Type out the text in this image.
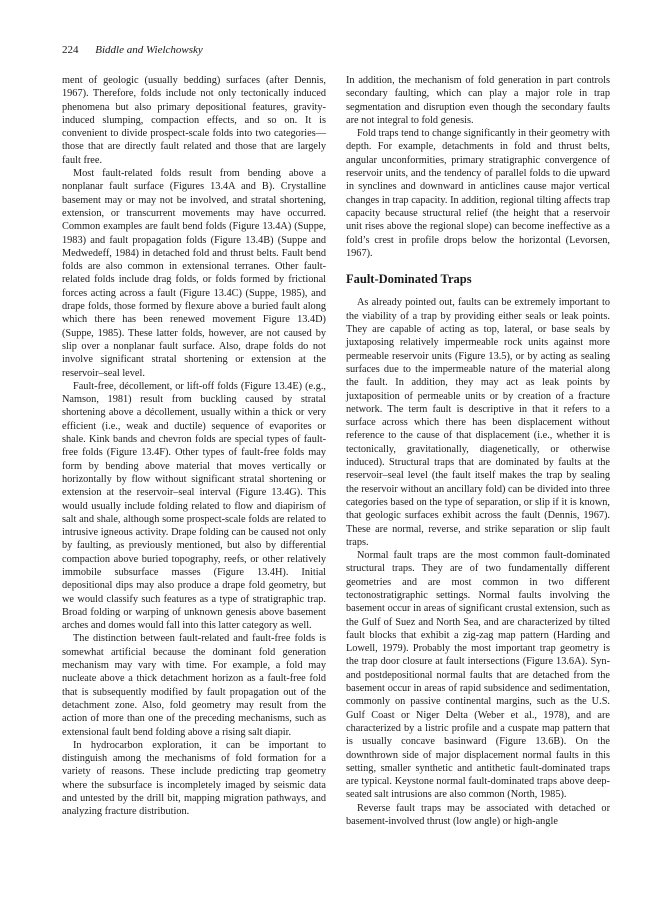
224 Biddle and Wielchowsky

ment of geologic (usually bedding) surfaces (after Dennis, 1967). Therefore, folds include not only tectonically induced phenomena but also primary depositional features, gravity-induced slumping, compaction effects, and so on. It is convenient to divide prospect-scale folds into two categories—those that are directly fault related and those that are largely fault free.

Most fault-related folds result from bending above a nonplanar fault surface (Figures 13.4A and B). Crystalline basement may or may not be involved, and stratal shortening, extension, or transcurrent movements may have occurred. Common examples are fault bend folds (Figure 13.4A) (Suppe, 1983) and fault propagation folds (Figure 13.4B) (Suppe and Medwedeff, 1984) in detached fold and thrust belts. Fault bend folds are also common in extensional terranes. Other fault-related folds include drag folds, or folds formed by frictional forces acting across a fault (Figure 13.4C) (Suppe, 1985), and drape folds, those formed by flexure above a buried fault along which there has been renewed movement Figure 13.4D) (Suppe, 1985). These latter folds, however, are not caused by slip over a nonplanar fault surface. Also, drape folds do not involve significant stratal shortening or extension at the reservoir–seal level.

Fault-free, décollement, or lift-off folds (Figure 13.4E) (e.g., Namson, 1981) result from buckling caused by stratal shortening above a décollement, usually within a thick or very efficient (i.e., weak and ductile) sequence of evaporites or shale. Kink bands and chevron folds are special types of fault-free folds (Figure 13.4F). Other types of fault-free folds may form by bending above material that moves vertically or horizontally by flow without significant stratal shortening or extension at the reservoir–seal interval (Figure 13.4G). This would usually include folding related to flow and diapirism of salt and shale, although some prospect-scale folds are related to intrusive igneous activity. Drape folding can be caused not only by faulting, as previously mentioned, but also by differential compaction above buried topography, reefs, or other relatively immobile subsurface masses (Figure 13.4H). Initial depositional dips may also produce a drape fold geometry, but we would classify such features as a type of stratigraphic trap. Broad folding or warping of unknown genesis above basement arches and domes would fall into this latter category as well.

The distinction between fault-related and fault-free folds is somewhat artificial because the dominant fold generation mechanism may vary with time. For example, a fold may nucleate above a thick detachment horizon as a fault-free fold that is subsequently modified by fault propagation out of the detachment zone. Also, fold geometry may result from the action of more than one of the preceding mechanisms, such as extensional fault bend folding above a rising salt diapir.

In hydrocarbon exploration, it can be important to distinguish among the mechanisms of fold formation for a variety of reasons. These include predicting trap geometry where the subsurface is incompletely imaged by seismic data and untested by the drill bit, mapping migration pathways, and analyzing fracture distribution.

In addition, the mechanism of fold generation in part controls secondary faulting, which can play a major role in trap segmentation and disruption even though the secondary faults are not integral to fold genesis.

Fold traps tend to change significantly in their geometry with depth. For example, detachments in fold and thrust belts, angular unconformities, primary stratigraphic convergence of reservoir units, and the tendency of parallel folds to die upward in synclines and downward in anticlines cause major vertical changes in trap capacity. In addition, regional tilting affects trap capacity because structural relief (the height that a reservoir unit rises above the regional slope) can become ineffective as a fold’s crest in profile drops below the horizontal (Levorsen, 1967).

Fault-Dominated Traps

As already pointed out, faults can be extremely important to the viability of a trap by providing either seals or leak points. They are capable of acting as top, lateral, or base seals by juxtaposing relatively impermeable rock units against more permeable reservoir units (Figure 13.5), or by acting as sealing surfaces due to the impermeable nature of the material along the fault. In addition, they may act as leak points by juxtaposition of permeable units or by creation of a fracture network. The term fault is descriptive in that it refers to a surface across which there has been displacement without reference to the cause of that displacement (i.e., whether it is tectonically, gravitationally, diagenetically, or otherwise induced). Structural traps that are dominated by faults at the reservoir–seal level (the fault itself makes the trap by sealing the reservoir without an ancillary fold) can be divided into three categories based on the type of separation, or slip if it is known, that geologic surfaces exhibit across the fault (Dennis, 1967). These are normal, reverse, and strike separation or slip fault traps.

Normal fault traps are the most common fault-dominated structural traps. They are of two fundamentally different geometries and are most common in two different tectonostratigraphic settings. Normal faults involving the basement occur in areas of significant crustal extension, such as the Gulf of Suez and North Sea, and are characterized by tilted fault blocks that exhibit a zig-zag map pattern (Harding and Lowell, 1979). Probably the most important trap geometry is the trap door closure at fault intersections (Figure 13.6A). Syn- and postdepositional normal faults that are detached from the basement occur in areas of rapid subsidence and sedimentation, commonly on passive continental margins, such as the U.S. Gulf Coast or Niger Delta (Weber et al., 1978), and are characterized by a listric profile and a cuspate map pattern that is usually concave basinward (Figure 13.6B). On the downthrown side of major displacement normal faults in this setting, smaller synthetic and antithetic fault-dominated traps are typical. Keystone normal fault-dominated traps above deep-seated salt intrusions are also common (North, 1985).

Reverse fault traps may be associated with detached or basement-involved thrust (low angle) or high-angle
